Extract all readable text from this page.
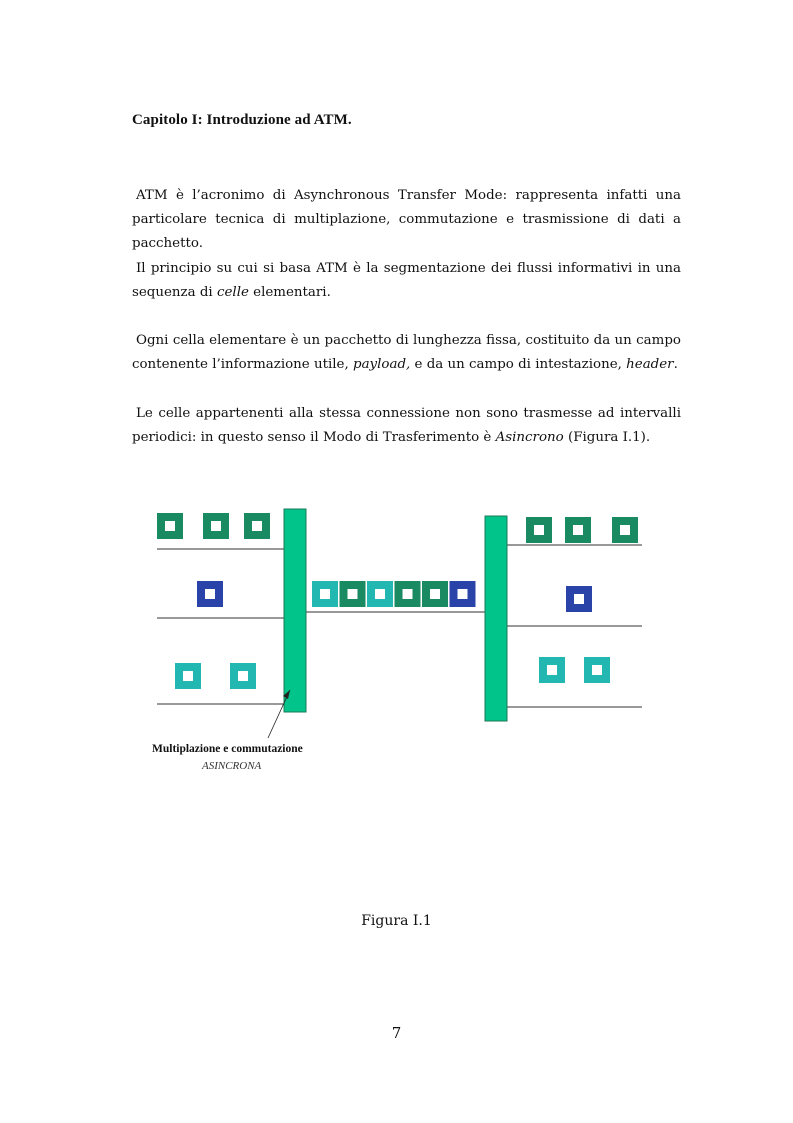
Capitolo I: Introduzione ad ATM.
ATM è l’acronimo di Asynchronous Transfer Mode: rappresenta infatti una particolare tecnica di multiplazione, commutazione e trasmissione di dati a pacchetto.
Il principio su cui si basa ATM è la segmentazione dei flussi informativi in una sequenza di celle elementari.
Ogni cella elementare è un pacchetto di lunghezza fissa, costituito da un campo contenente l’informazione utile, payload, e da un campo di intestazione, header.
Le celle appartenenti alla stessa connessione non sono trasmesse ad intervalli periodici: in questo senso il Modo di Trasferimento è Asincrono (Figura I.1).
Multiplazione e commutazione
ASINCRONA
Figura I.1
7
